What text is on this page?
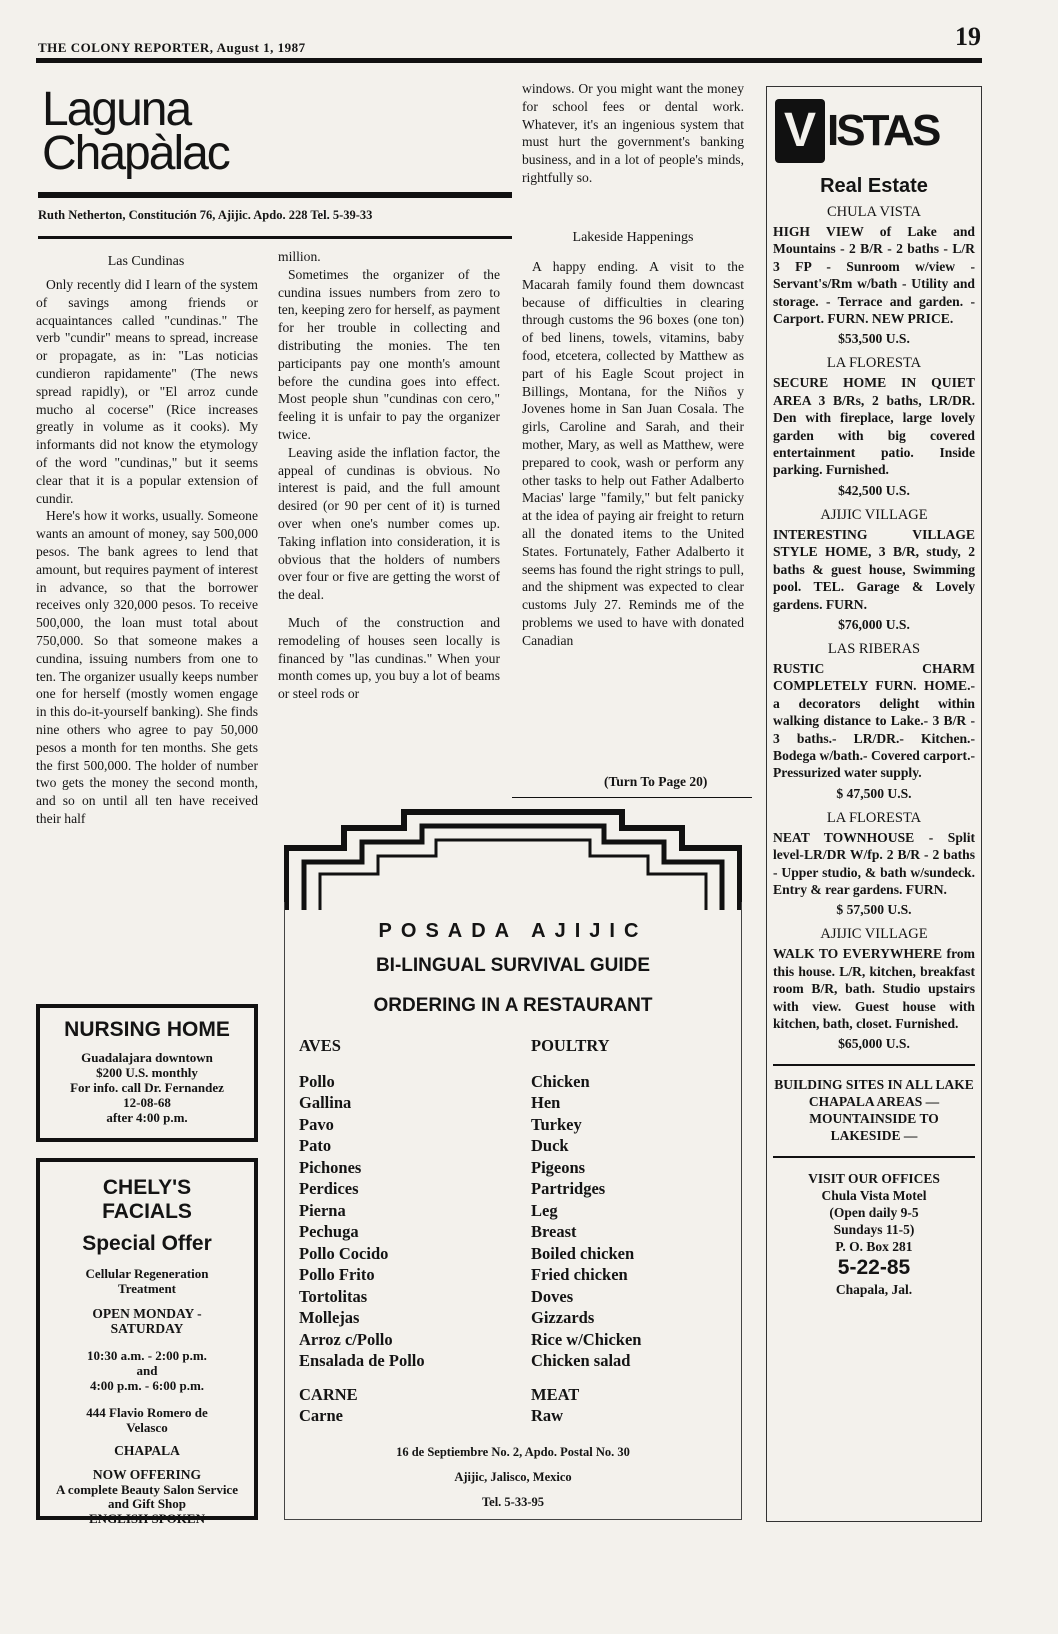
THE COLONY REPORTER, August 1, 1987	19
Laguna
Chapàlac
Ruth Netherton, Constitución 76, Ajijic. Apdo. 228 Tel. 5-39-33
Las Cundinas

Only recently did I learn of the system of savings among friends or acquaintances called "cundinas." The verb "cundir" means to spread, increase or propagate, as in: "Las noticias cundieron rapidamente" (The news spread rapidly), or "El arroz cunde mucho al cocerse" (Rice increases greatly in volume as it cooks). My informants did not know the etymology of the word "cundinas," but it seems clear that it is a popular extension of cundir.

Here's how it works, usually. Someone wants an amount of money, say 500,000 pesos. The bank agrees to lend that amount, but requires payment of interest in advance, so that the borrower receives only 320,000 pesos. To receive 500,000, the loan must total about 750,000. So that someone makes a cundina, issuing numbers from one to ten. The organizer usually keeps number one for herself (mostly women engage in this do-it-yourself banking). She finds nine others who agree to pay 50,000 pesos a month for ten months. She gets the first 500,000. The holder of number two gets the money the second month, and so on until all ten have received their half

million.

Sometimes the organizer of the cundina issues numbers from zero to ten, keeping zero for herself, as payment for her trouble in collecting and distributing the monies. The ten participants pay one month's amount before the cundina goes into effect. Most people shun "cundinas con cero," feeling it is unfair to pay the organizer twice.

Leaving aside the inflation factor, the appeal of cundinas is obvious. No interest is paid, and the full amount desired (or 90 per cent of it) is turned over when one's number comes up. Taking inflation into consideration, it is obvious that the holders of numbers over four or five are getting the worst of the deal.

Much of the construction and remodeling of houses seen locally is financed by "las cundinas." When your month comes up, you buy a lot of beams or steel rods or

windows. Or you might want the money for school fees or dental work. Whatever, it's an ingenious system that must hurt the government's banking business, and in a lot of people's minds, rightfully so.

Lakeside Happenings

A happy ending. A visit to the Macarah family found them downcast because of difficulties in clearing through customs the 96 boxes (one ton) of bed linens, towels, vitamins, baby food, etcetera, collected by Matthew as part of his Eagle Scout project in Billings, Montana, for the Niños y Jovenes home in San Juan Cosala. The girls, Caroline and Sarah, and their mother, Mary, as well as Matthew, were prepared to cook, wash or perform any other tasks to help out Father Adalberto Macias' large "family," but felt panicky at the idea of paying air freight to return all the donated items to the United States. Fortunately, Father Adalberto it seems has found the right strings to pull, and the shipment was expected to clear customs July 27. Reminds me of the problems we used to have with donated Canadian

(Turn To Page 20)
NURSING HOME
Guadalajara downtown
$200 U.S. monthly
For info. call Dr. Fernandez
12-08-68
after 4:00 p.m.
CHELY'S
FACIALS
Special Offer
Cellular Regeneration Treatment
OPEN MONDAY - SATURDAY
10:30 a.m. - 2:00 p.m.
and
4:00 p.m. - 6:00 p.m.
444 Flavio Romero de Velasco
CHAPALA
NOW OFFERING
A complete Beauty Salon Service and Gift Shop
ENGLISH SPOKEN
POSADA AJIJIC
BI-LINGUAL SURVIVAL GUIDE
ORDERING IN A RESTAURANT
AVES	POULTRY
Pollo	Chicken
Gallina	Hen
Pavo	Turkey
Pato	Duck
Pichones	Pigeons
Perdices	Partridges
Pierna	Leg
Pechuga	Breast
Pollo Cocido	Boiled chicken
Pollo Frito	Fried chicken
Tortolitas	Doves
Mollejas	Gizzards
Arroz c/Pollo	Rice w/Chicken
Ensalada de Pollo	Chicken salad
CARNE	MEAT
Carne	Raw
16 de Septiembre No. 2, Apdo. Postal No. 30
Ajijic, Jalisco, Mexico
Tel. 5-33-95
V ISTAS
Real Estate

CHULA VISTA

HIGH VIEW of Lake and Mountains - 2 B/R - 2 baths - L/R 3 FP - Sunroom w/view - Servant's/Rm w/bath - Utility and storage. - Terrace and garden. - Carport. FURN. NEW PRICE.

$53,500 U.S.

LA FLORESTA

SECURE HOME IN QUIET AREA 3 B/Rs, 2 baths, LR/DR. Den with fireplace, large lovely garden with big covered entertainment patio. Inside parking. Furnished.

$42,500 U.S.

AJIJIC VILLAGE

INTERESTING VILLAGE STYLE HOME, 3 B/R, study, 2 baths & guest house, Swimming pool. TEL. Garage & Lovely gardens. FURN.

$76,000 U.S.

LAS RIBERAS

RUSTIC CHARM COMPLETELY FURN. HOME.- a decorators delight within walking distance to Lake.- 3 B/R - 3 baths.- LR/DR.- Kitchen.- Bodega w/bath.- Covered carport.- Pressurized water supply.

$ 47,500 U.S.

LA FLORESTA

NEAT TOWNHOUSE - Split level-LR/DR W/fp. 2 B/R - 2 baths - Upper studio, & bath w/sundeck. Entry & rear gardens. FURN.

$ 57,500 U.S.

AJIJIC VILLAGE

WALK TO EVERYWHERE from this house. L/R, kitchen, breakfast room B/R, bath. Studio upstairs with view. Guest house with kitchen, bath, closet. Furnished.

$65,000 U.S.

BUILDING SITES IN ALL LAKE CHAPALA AREAS — MOUNTAINSIDE TO LAKESIDE —
VISIT OUR OFFICES
Chula Vista Motel
(Open daily 9-5
Sundays 11-5)
P. O. Box 281
5-22-85
Chapala, Jal.
